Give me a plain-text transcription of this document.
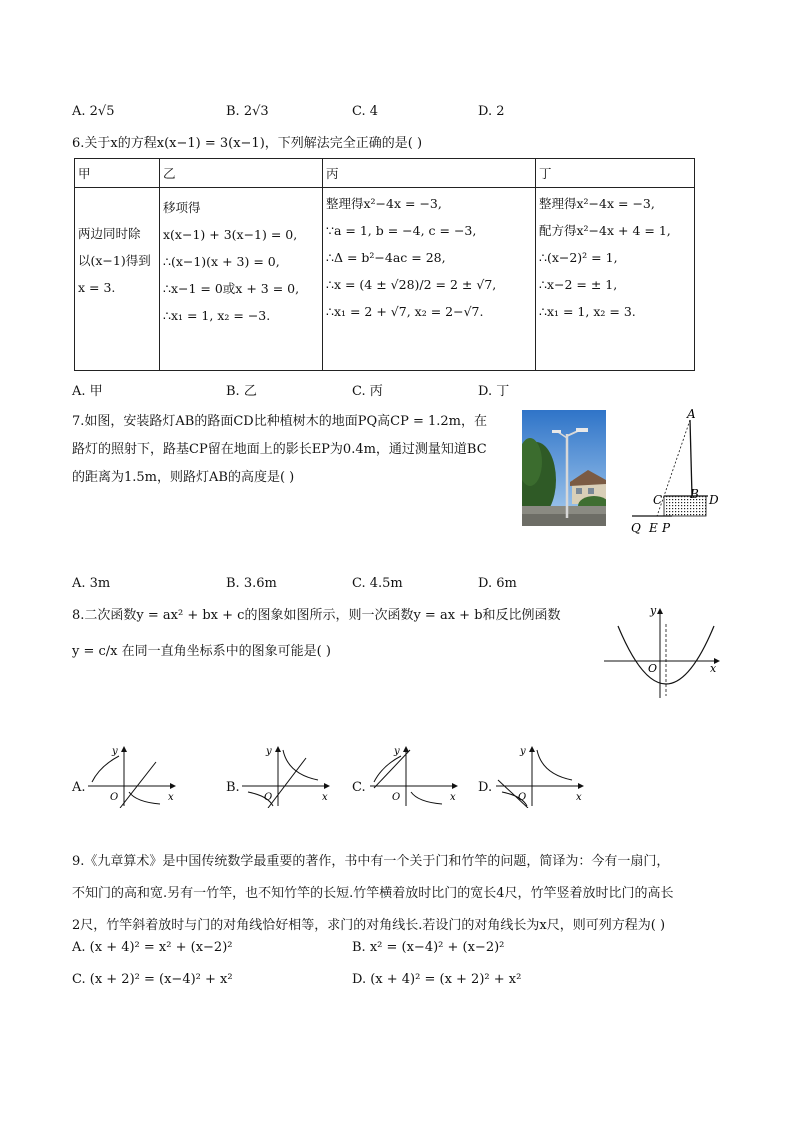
A. 2√5	B. 2√3	C. 4	D. 2
6.关于x的方程x(x−1) = 3(x−1)，下列解法完全正确的是( )
甲	乙	丙	丁

两边同时除
以(x−1)得到
x = 3.	移项得
x(x−1) + 3(x−1) = 0,
∴(x−1)(x + 3) = 0,
∴x−1 = 0或x + 3 = 0,
∴x₁ = 1, x₂ = −3.	整理得x²−4x = −3,
∵a = 1, b = −4, c = −3,
∴Δ = b²−4ac = 28,
∴x = (4 ± √28)/2 = 2 ± √7,
∴x₁ = 2 + √7, x₂ = 2−√7.	整理得x²−4x = −3,
配方得x²−4x + 4 = 1,
∴(x−2)² = 1,
∴x−2 = ± 1,
∴x₁ = 1, x₂ = 3.
A. 甲	B. 乙	C. 丙	D. 丁
7.如图，安装路灯AB的路面CD比种植树木的地面PQ高CP = 1.2m，在
路灯的照射下，路基CP留在地面上的影长EP为0.4m，通过测量知道BC
的距离为1.5m，则路灯AB的高度是( )
A
B
C	D
Q E P
A. 3m	B. 3.6m	C. 4.5m	D. 6m
8.二次函数y = ax² + bx + c的图象如图所示，则一次函数y = ax + b和反比例函数
y = c/x 在同一直角坐标系中的图象可能是( )
y
x
O
A.
y
x
O
B.
y
x
O
C.
y
x
O
D.
y
x
O
9.《九章算术》是中国传统数学最重要的著作，书中有一个关于门和竹竿的问题，简译为：今有一扇门，
不知门的高和宽.另有一竹竿，也不知竹竿的长短.竹竿横着放时比门的宽长4尺，竹竿竖着放时比门的高长
2尺，竹竿斜着放时与门的对角线恰好相等，求门的对角线长.若设门的对角线长为x尺，则可列方程为( )
A. (x + 4)² = x² + (x−2)²	B. x² = (x−4)² + (x−2)²
C. (x + 2)² = (x−4)² + x²	D. (x + 4)² = (x + 2)² + x²
